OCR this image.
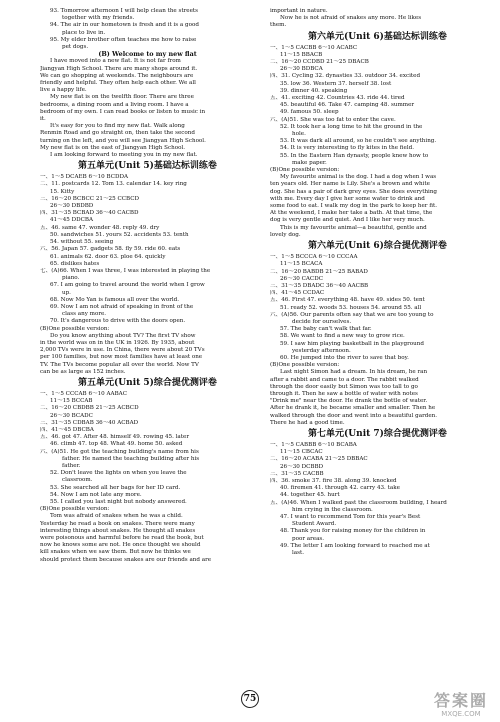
93. Tomorrow afternoon I will help clean the streets
together with my friends.
94. The air in our hometown is fresh and it is a good
place to live in.
95. My elder brother often teaches me how to raise
pet dogs.
(B) Welcome to my new flat
I have moved into a new flat. It is not far from
Jiangyan High School. There are many shops around it.
We can go shopping at weekends. The neighbours are
friendly and helpful. They often help each other. We all
live a happy life.
My new flat is on the twelfth floor. There are three
bedrooms, a dining room and a living room. I have a
bedroom of my own. I can read books or listen to music in
it.
It's easy for you to find my new flat. Walk along
Renmin Road and go straight on, then take the second
turning on the left, and you will see Jiangyan High School.
My new flat is on the east of Jiangyan High School.
I am looking forward to meeting you in my new flat.
第五单元(Unit 5)基础达标训练卷
一、1～5 DCAEB 6～10 BCDDA
二、11. postcards 12. Tom 13. calendar 14. key ring
15. Kitty
三、16～20 BCBCC 21～25 CCBCD
26～30 DBDBD
四、31～35 BCBAD 36～40 CACBD
41～45 DDCBA
五、46. same 47. wonder 48. reply 49. dry
50. sandwiches 51. yours 52. accidents 53. tenth
54. without 55. seeing
六、56. Japan 57. gadgets 58. fly 59. ride 60. eats
61. animals 62. door 63. ploe 64. quickly
65. dislikes hates
七、(A)66. When I was three, I was interested in playing the
piano.
67. I am going to travel around the world when I grow
up.
68. Now Mo Yan is famous all over the world.
69. Now I am not afraid of speaking in front of the
class any more.
70. It's dangerous to drive with the doors open.
(B)One possible version:
Do you know anything about TV? The first TV show
in the world was on in the UK in 1926. By 1935, about
2,000 TVs were in use. In China, there were about 20 TVs
per 100 families, but now most families have at least one
TV. The TVs become popular all over the world. Now TV
can be as large as 152 inches.
第五单元(Unit 5)综合提优测评卷
一、1～5 CCCAB 6～10 AABAC
11～15 BCCAB
二、16～20 CBDBB 21～25 ACBCD
26～30 BCADC
三、31～35 CDBAB 36～40 ACBAD
四、41～45 DBCBA
五、46. got 47. After 48. himself 49. rowing 45. later
46. climb 47. top 48. What 49. home 50. asked
六、(A)51. He got the teaching building's name from his
father. He named the teaching building after his
father.
52. Don't leave the lights on when you leave the
classroom.
53. She searched all her bags for her ID card.
54. Now I am not late any more.
55. I called you last night but nobody answered.
(B)One possible version:
Tom was afraid of snakes when he was a child.
Yesterday he read a book on snakes. There were many
interesting things about snakes. He thought all snakes
were poisonous and harmful before he read the book, but
now he knows some are not. He once thought we should
kill snakes when we saw them. But now he thinks we
should protect them because snakes are our friends and are
important in nature.
Now he is not afraid of snakes any more. He likes
them.
第六单元(Unit 6)基础达标训练卷
一、1～5 CACBB 6～10 ACABC
11～15 BBACB
二、16～20 CCDBD 21～25 DBACB
26～30 BDBCA
四、31. Cycling 32. dynasties 33. outdoor 34. excited
35. low 36. Western 37. herself 38. lost
39. dinner 40. speaking
五、41. exciting 42. Countries 43. ride 44. tired
45. beautiful 46. Take 47. camping 48. summer
49. famous 50. sleep
六、(A)51. She was too fat to enter the cave.
52. It took her a long time to hit the ground in the
hole.
53. It was dark all around, so he couldn't see anything.
54. It is very interesting to fly kites in the field.
55. In the Eastern Han dynasty, people knew how to
make paper.
(B)One possible version:
My favourite animal is the dog. I had a dog when I was
ten years old. Her name is Lily. She's a brown and white
dog. She has a pair of dark grey eyes. She does everything
with me. Every day I give her some water to drink and
some food to eat. I walk my dog in the park to keep her fit.
At the weekend, I make her take a bath. At that time, the
dog is very gentle and quiet. And I like her very much.
This is my favourite animal—a beautiful, gentle and
lovely dog.
第六单元(Unit 6)综合提优测评卷
一、1～5 BCCCA 6～10 CCCAA
11～15 BCACA
二、16～20 BABDB 21～25 BABAD
26～30 CACDC
三、31～35 DBADC 36～40 AACBB
四、41～45 CCDAC
五、46. First 47. everything 48. have 49. sides 50. tent
51. ready 52. woods 53. houses 54. around 55. all
六、(A)56. Our parents often say that we are too young to
decide for ourselves.
57. The baby can't walk that far.
58. We want to find a new way to grow rice.
59. I saw him playing basketball in the playground
yesterday afternoon.
60. He jumped into the river to save that boy.
(B)One possible version:
Last night Simon had a dream. In his dream, he ran
after a rabbit and came to a door. The rabbit walked
through the door easily but Simon was too tall to go
through it. Then he saw a bottle of water with notes
"Drink me" near the door. He drank the bottle of water.
After he drank it, he became smaller and smaller. Then he
walked through the door and went into a beautiful garden.
There he had a good time.
第七单元(Unit 7)综合提优测评卷
一、1～5 CABBB 6～10 BCABA
11～15 CBCAC
二、16～20 ACABA 21～25 DBBAC
26～30 DCBBD
三、31～35 CACBB
四、36. smoke 37. fire 38. along 39. knocked
40. firemen 41. through 42. carry 43. take
44. together 45. hurt
五、(A)46. When I walked past the classroom building, I heard
him crying in the classroom.
47. I want to recommend Tom for this year's Best
Student Award.
48. Thank you for raising money for the children in
poor areas.
49. The letter I am looking forward to reached me at
last.
75	答案圈
MXQE.COM
